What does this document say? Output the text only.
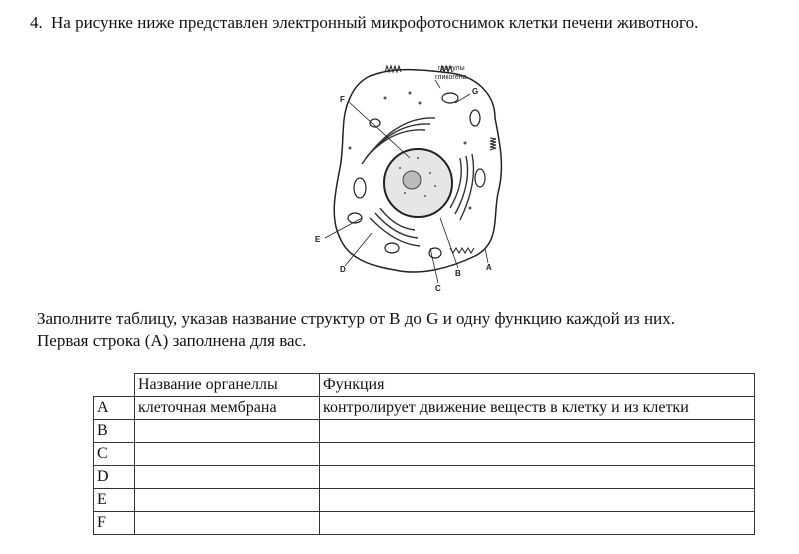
4. На рисунке ниже представлен электронный микрофотоснимок клетки печени животного.
F
G
гранулы
гликогена
E
D
C
B
A
Заполните таблицу, указав название структур от B до G и одну функцию каждой из них.
Первая строка (A) заполнена для вас.
	Название органеллы	Функция
A	клеточная мембрана	контролирует движение веществ в клетку и из клетки
B		
C		
D		
E		
F		
